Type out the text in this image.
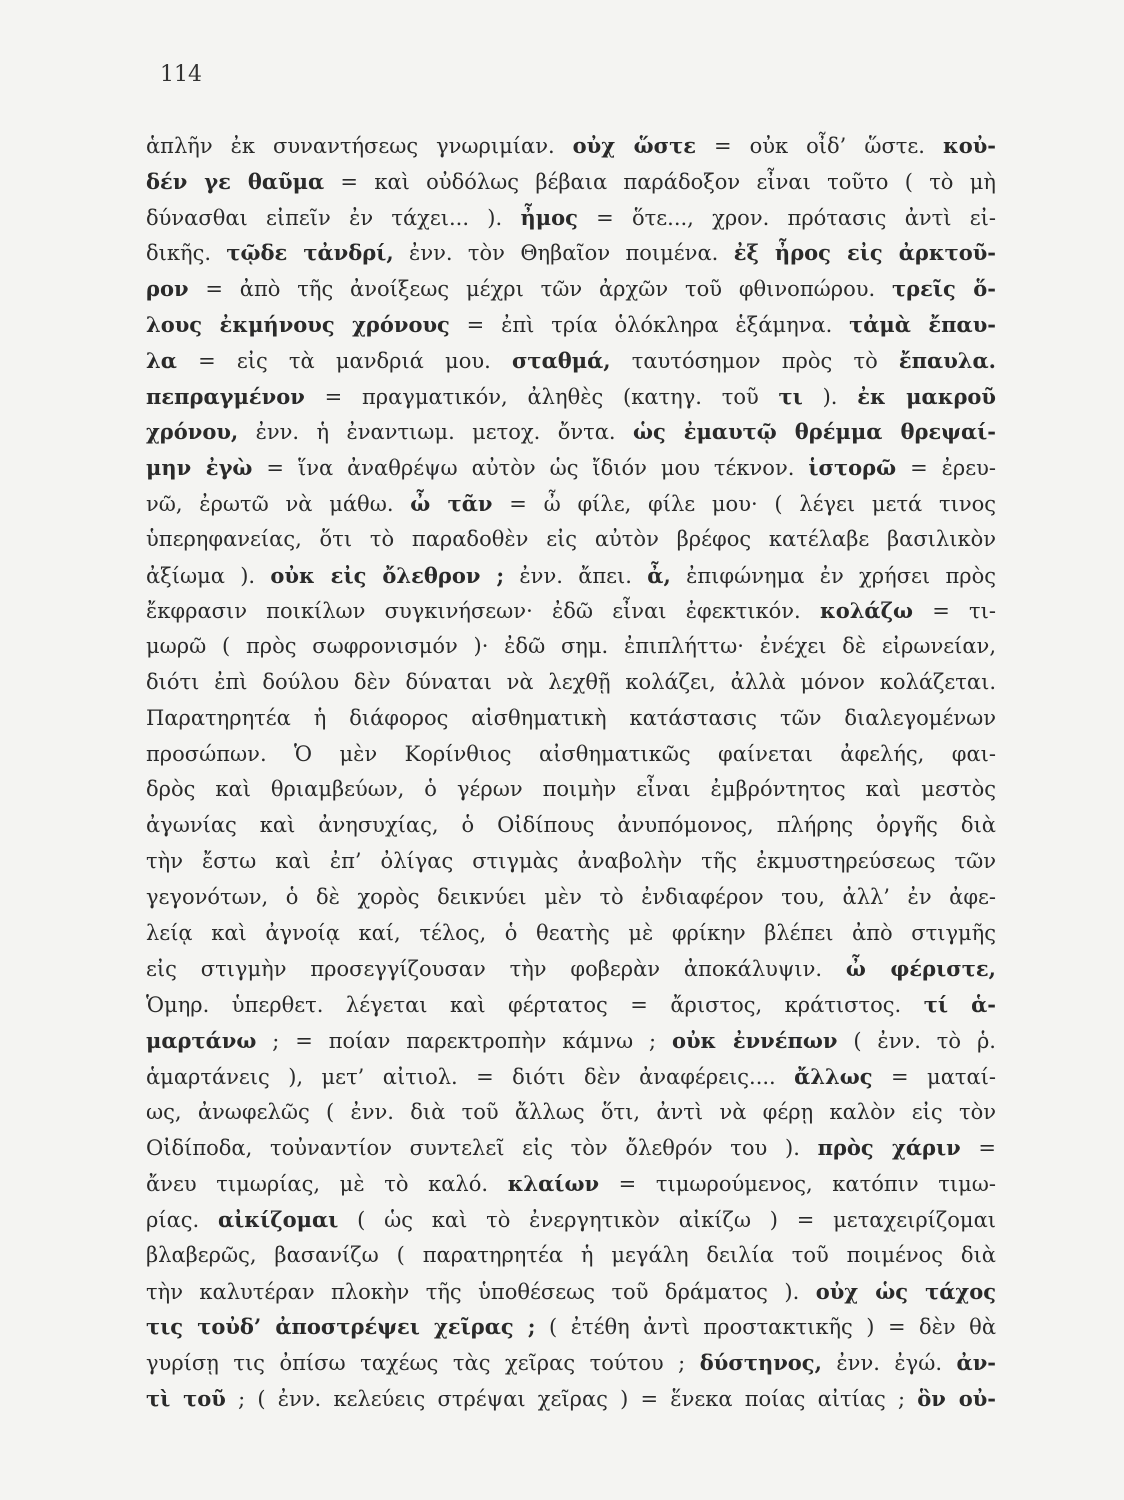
114
ἁπλῆν ἐκ συναντήσεως γνωριμίαν. οὐχ ὥστε = οὐκ οἶδ’ ὥστε. κοὐ-
δέν γε θαῦμα = καὶ οὐδόλως βέβαια παράδοξον εἶναι τοῦτο ( τὸ μὴ
δύνασθαι εἰπεῖν ἐν τάχει... ). ἦμος = ὅτε..., χρον. πρότασις ἀντὶ εἰ-
δικῆς. τῷδε τἀνδρί, ἐνν. τὸν Θηβαῖον ποιμένα. ἐξ ἦρος εἰς ἀρκτοῦ-
ρον = ἀπὸ τῆς ἀνοίξεως μέχρι τῶν ἀρχῶν τοῦ φθινοπώρου. τρεῖς ὅ-
λους ἐκμήνους χρόνους = ἐπὶ τρία ὁλόκληρα ἑξάμηνα. τἀμὰ ἔπαυ-
λα = εἰς τὰ μανδριά μου. σταθμά, ταυτόσημον πρὸς τὸ ἔπαυλα.
πεπραγμένον = πραγματικόν, ἀληθὲς (κατηγ. τοῦ τι ). ἐκ μακροῦ
χρόνου, ἐνν. ἡ ἐναντιωμ. μετοχ. ὄντα. ὡς ἐμαυτῷ θρέμμα θρεψαί-
μην ἐγὼ = ἵνα ἀναθρέψω αὐτὸν ὡς ἴδιόν μου τέκνον. ἱστορῶ = ἐρευ-
νῶ, ἐρωτῶ νὰ μάθω. ὦ τᾶν = ὦ φίλε, φίλε μου· ( λέγει μετά τινος
ὑπερηφανείας, ὅτι τὸ παραδοθὲν εἰς αὐτὸν βρέφος κατέλαβε βασιλικὸν
ἀξίωμα ). οὐκ εἰς ὄλεθρον ; ἐνν. ἄπει. ἆ, ἐπιφώνημα ἐν χρήσει πρὸς
ἔκφρασιν ποικίλων συγκινήσεων· ἐδῶ εἶναι ἐφεκτικόν. κολάζω = τι-
μωρῶ ( πρὸς σωφρονισμόν )· ἐδῶ σημ. ἐπιπλήττω· ἐνέχει δὲ εἰρωνείαν,
διότι ἐπὶ δούλου δὲν δύναται νὰ λεχθῇ κολάζει, ἀλλὰ μόνον κολάζεται.
Παρατηρητέα ἡ διάφορος αἰσθηματικὴ κατάστασις τῶν διαλεγομένων
προσώπων. Ὁ μὲν Κορίνθιος αἰσθηματικῶς φαίνεται ἀφελής, φαι-
δρὸς καὶ θριαμβεύων, ὁ γέρων ποιμὴν εἶναι ἐμβρόντητος καὶ μεστὸς
ἀγωνίας καὶ ἀνησυχίας, ὁ Οἰδίπους ἀνυπόμονος, πλήρης ὀργῆς διὰ
τὴν ἔστω καὶ ἐπ’ ὀλίγας στιγμὰς ἀναβολὴν τῆς ἐκμυστηρεύσεως τῶν
γεγονότων, ὁ δὲ χορὸς δεικνύει μὲν τὸ ἐνδιαφέρον του, ἀλλ’ ἐν ἀφε-
λείᾳ καὶ ἀγνοίᾳ καί, τέλος, ὁ θεατὴς μὲ φρίκην βλέπει ἀπὸ στιγμῆς
εἰς στιγμὴν προσεγγίζουσαν τὴν φοβερὰν ἀποκάλυψιν. ὦ φέριστε,
Ὁμηρ. ὑπερθετ. λέγεται καὶ φέρτατος = ἄριστος, κράτιστος. τί ἁ-
μαρτάνω ; = ποίαν παρεκτροπὴν κάμνω ; οὐκ ἐννέπων ( ἐνν. τὸ ῥ.
ἁμαρτάνεις ), μετ’ αἰτιολ. = διότι δὲν ἀναφέρεις.... ἄλλως = ματαί-
ως, ἀνωφελῶς ( ἐνν. διὰ τοῦ ἄλλως ὅτι, ἀντὶ νὰ φέρῃ καλὸν εἰς τὸν
Οἰδίποδα, τοὐναντίον συντελεῖ εἰς τὸν ὄλεθρόν του ). πρὸς χάριν =
ἄνευ τιμωρίας, μὲ τὸ καλό. κλαίων = τιμωρούμενος, κατόπιν τιμω-
ρίας. αἰκίζομαι ( ὡς καὶ τὸ ἐνεργητικὸν αἰκίζω ) = μεταχειρίζομαι
βλαβερῶς, βασανίζω ( παρατηρητέα ἡ μεγάλη δειλία τοῦ ποιμένος διὰ
τὴν καλυτέραν πλοκὴν τῆς ὑποθέσεως τοῦ δράματος ). οὐχ ὡς τάχος
τις τοὐδ’ ἀποστρέψει χεῖρας ; ( ἐτέθη ἀντὶ προστακτικῆς ) = δὲν θὰ
γυρίσῃ τις ὀπίσω ταχέως τὰς χεῖρας τούτου ; δύστηνος, ἐνν. ἐγώ. ἀν-
τὶ τοῦ ; ( ἐνν. κελεύεις στρέψαι χεῖρας ) = ἕνεκα ποίας αἰτίας ; ὃν οὐ-
